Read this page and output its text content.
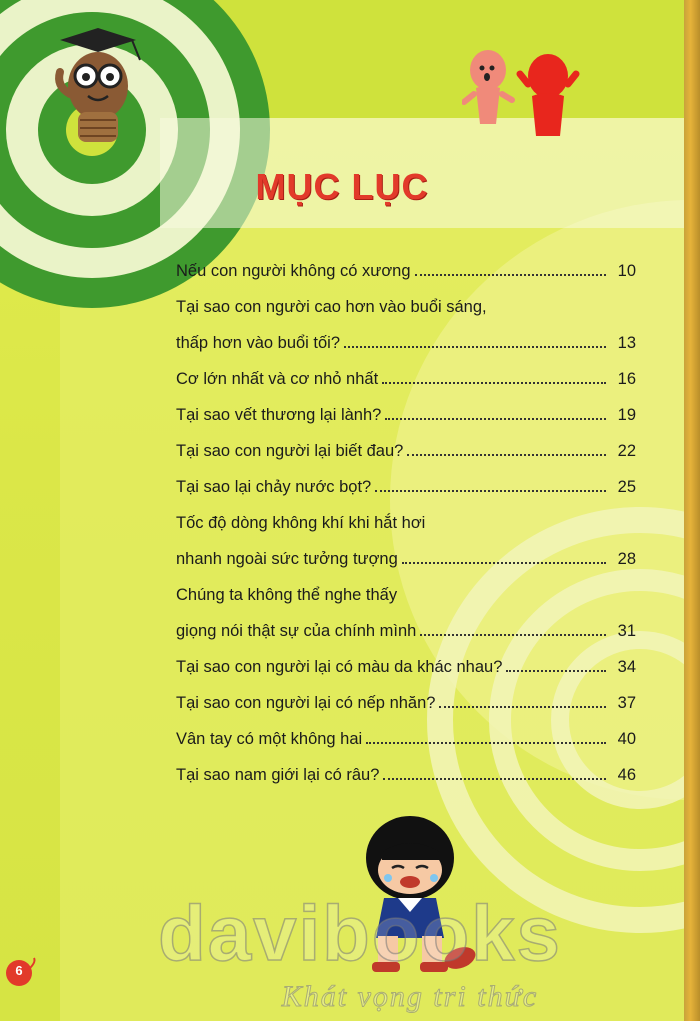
MỤC LỤC
Nếu con người không có xương	10
Tại sao con người cao hơn vào buổi sáng,
thấp hơn vào buổi tối?	13
Cơ lớn nhất và cơ nhỏ nhất	16
Tại sao vết thương lại lành?	19
Tại sao con người lại biết đau?	22
Tại sao lại chảy nước bọt?	25
Tốc độ dòng không khí khi hắt hơi
nhanh ngoài sức tưởng tượng	28
Chúng ta không thể nghe thấy
giọng nói thật sự của chính mình	31
Tại sao con người lại có màu da khác nhau?	34
Tại sao con người lại có nếp nhăn?	37
Vân tay có một không hai	40
Tại sao nam giới lại có râu?	46
6 davibooks
Khát vọng tri thức
